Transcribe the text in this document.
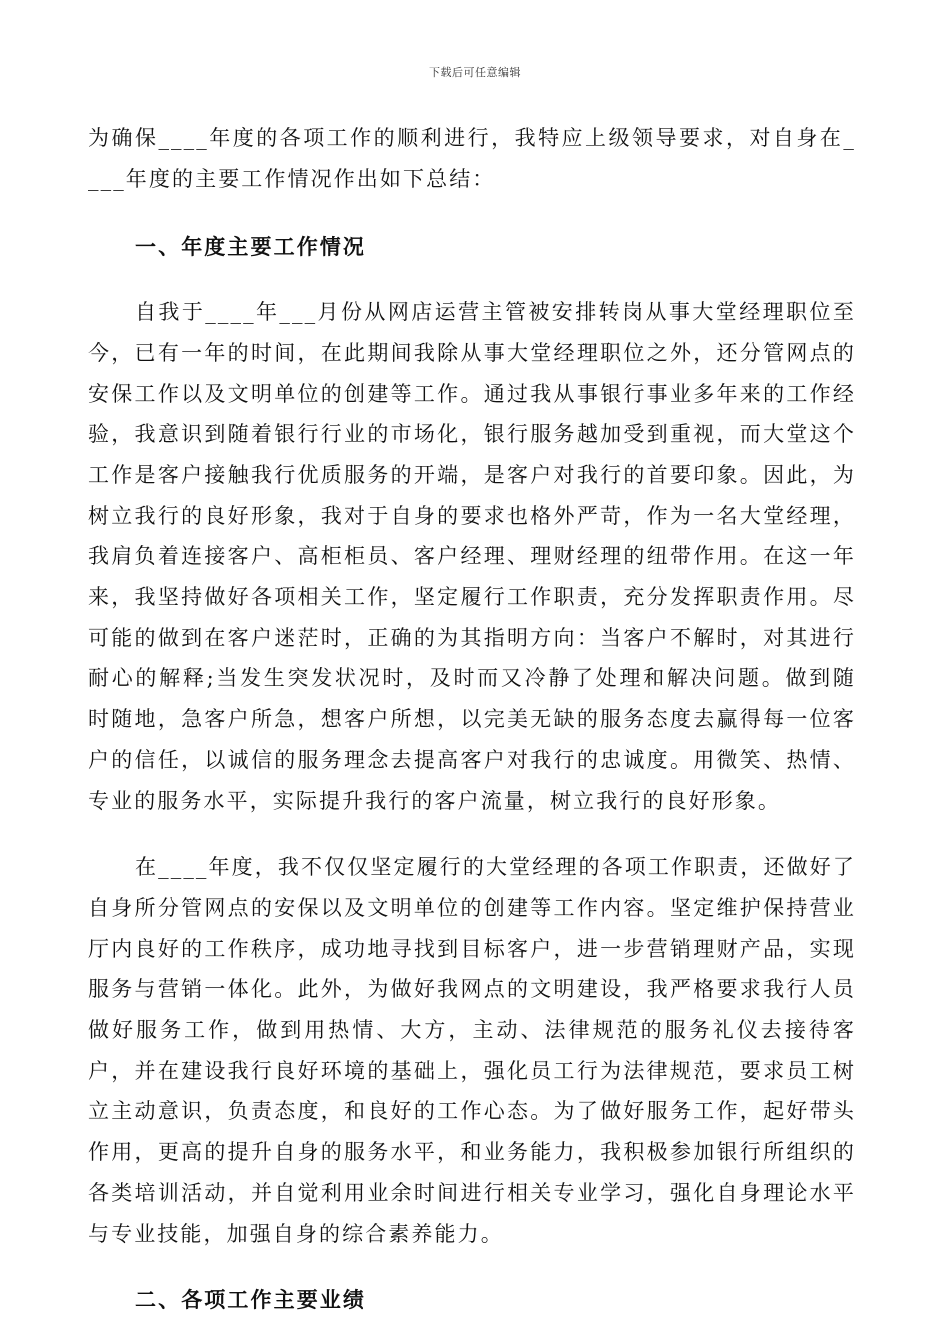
下载后可任意编辑

为确保____年度的各项工作的顺利进行，我特应上级领导要求，对自身在____年度的主要工作情况作出如下总结：

一、年度主要工作情况

自我于____年___月份从网店运营主管被安排转岗从事大堂经理职位至今，已有一年的时间，在此期间我除从事大堂经理职位之外，还分管网点的安保工作以及文明单位的创建等工作。通过我从事银行事业多年来的工作经验，我意识到随着银行行业的市场化，银行服务越加受到重视，而大堂这个工作是客户接触我行优质服务的开端，是客户对我行的首要印象。因此，为树立我行的良好形象，我对于自身的要求也格外严苛，作为一名大堂经理，我肩负着连接客户、高柜柜员、客户经理、理财经理的纽带作用。在这一年来，我坚持做好各项相关工作，坚定履行工作职责，充分发挥职责作用。尽可能的做到在客户迷茫时，正确的为其指明方向：当客户不解时，对其进行耐心的解释;当发生突发状况时，及时而又冷静了处理和解决问题。做到随时随地，急客户所急，想客户所想，以完美无缺的服务态度去赢得每一位客户的信任，以诚信的服务理念去提高客户对我行的忠诚度。用微笑、热情、专业的服务水平，实际提升我行的客户流量，树立我行的良好形象。

在____年度，我不仅仅坚定履行的大堂经理的各项工作职责，还做好了自身所分管网点的安保以及文明单位的创建等工作内容。坚定维护保持营业厅内良好的工作秩序，成功地寻找到目标客户，进一步营销理财产品，实现服务与营销一体化。此外，为做好我网点的文明建设，我严格要求我行人员做好服务工作，做到用热情、大方，主动、法律规范的服务礼仪去接待客户，并在建设我行良好环境的基础上，强化员工行为法律规范，要求员工树立主动意识，负责态度，和良好的工作心态。为了做好服务工作，起好带头作用，更高的提升自身的服务水平，和业务能力，我积极参加银行所组织的各类培训活动，并自觉利用业余时间进行相关专业学习，强化自身理论水平与专业技能，加强自身的综合素养能力。

二、各项工作主要业绩
